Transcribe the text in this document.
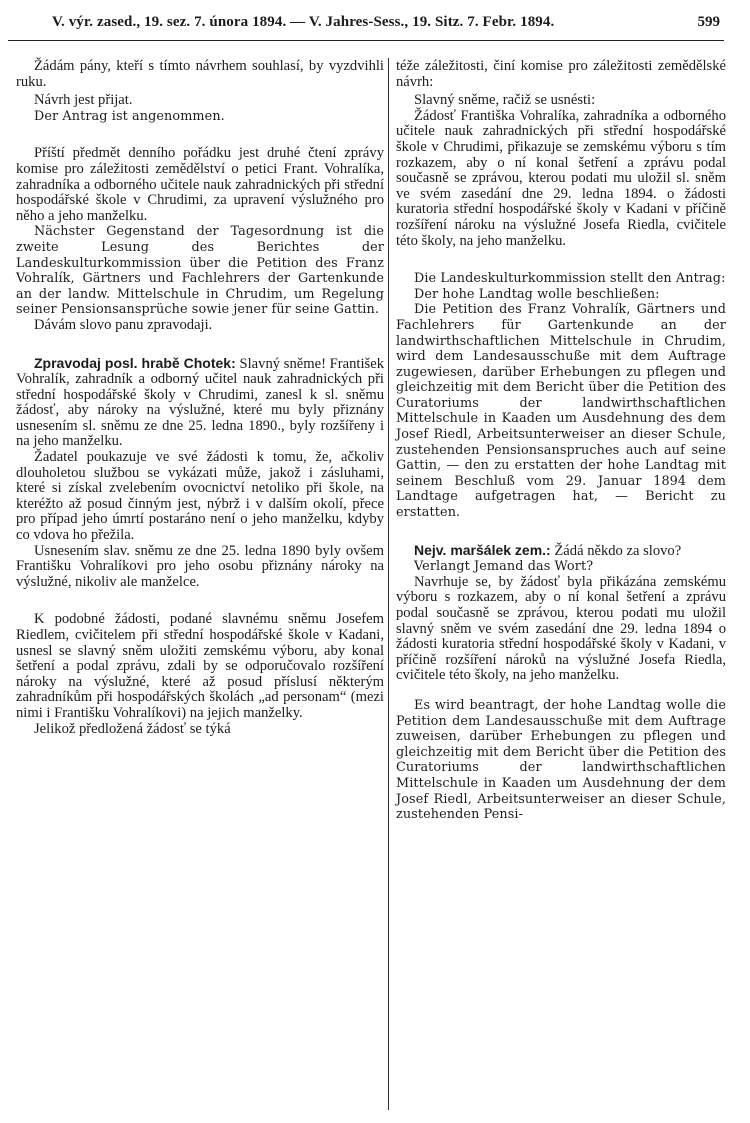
V. výr. zased., 19. sez. 7. února 1894. — V. Jahres-Sess., 19. Sitz. 7. Febr. 1894.	599

Žádám pány, kteří s tímto návrhem souhlasí, by vyzdvihli ruku.

Návrh jest přijat.

Der Antrag ist angenommen.

Příští předmět denního pořádku jest druhé čtení zprávy komise pro záležitosti zemědělství o petici Frant. Vohralíka, zahradníka a odborného učitele nauk zahradnických při střední hospodářské škole v Chrudimi, za upravení výslužného pro něho a jeho manželku.

Nächster Gegenstand der Tagesordnung ist die zweite Lesung des Berichtes der Landeskulturkommission über die Petition des Franz Vohralík, Gärtners und Fachlehrers der Gartenkunde an der landw. Mittelschule in Chrudim, um Regelung seiner Pensionsansprüche sowie jener für seine Gattin.

Dávám slovo panu zpravodaji.

Zpravodaj posl. hrabě Chotek: Slavný sněme! František Vohralík, zahradník a odborný učitel nauk zahradnických při střední hospodářské školy v Chrudimi, zanesl k sl. sněmu žádosť, aby nároky na výslužné, které mu byly přiznány usnesením sl. sněmu ze dne 25. ledna 1890., byly rozšířeny i na jeho manželku.

Žadatel poukazuje ve své žádosti k tomu, že, ačkoliv dlouholetou službou se vykázati může, jakož i zásluhami, které si získal zvelebením ovocnictví netoliko při škole, na kteréžto až posud činným jest, nýbrž i v dalším okolí, přece pro případ jeho úmrtí postaráno není o jeho manželku, kdyby co vdova ho přežila.

Usnesením slav. sněmu ze dne 25. ledna 1890 byly ovšem Františku Vohralíkovi pro jeho osobu přiznány nároky na výslužné, nikoliv ale manželce.

K podobné žádosti, podané slavnému sněmu Josefem Riedlem, cvičitelem při střední hospodářské škole v Kadani, usnesl se slavný sněm uložiti zemskému výboru, aby konal šetření a podal zprávu, zdali by se odporučovalo rozšíření nároky na výslužné, které až posud příslusí některým zahradníkům při hospodářských školách „ad personam“ (mezi nimi i Františku Vohralíkovi) na jejich manželky.

Jelikož předložená žádosť se týká

téže záležitosti, činí komise pro záležitosti zemědělské návrh:

Slavný sněme, račiž se usnésti:

Žádosť Františka Vohralíka, zahradníka a odborného učitele nauk zahradnických při střední hospodářské škole v Chrudimi, přikazuje se zemskému výboru s tím rozkazem, aby o ní konal šetření a zprávu podal současně se zprávou, kterou podati mu uložil sl. sněm ve svém zasedání dne 29. ledna 1894. o žádosti kuratoria střední hospodářské školy v Kadani v příčině rozšíření nároku na výslužné Josefa Riedla, cvičitele této školy, na jeho manželku.

Die Landeskulturkommission stellt den Antrag:

Der hohe Landtag wolle beschließen:

Die Petition des Franz Vohralík, Gärtners und Fachlehrers für Gartenkunde an der landwirthschaftlichen Mittelschule in Chrudim, wird dem Landesausschuße mit dem Auftrage zugewiesen, darüber Erhebungen zu pflegen und gleichzeitig mit dem Bericht über die Petition des Curatoriums der landwirthschaftlichen Mittelschule in Kaaden um Ausdehnung des dem Josef Riedl, Arbeitsunterweiser an dieser Schule, zustehenden Pensionsanspruches auch auf seine Gattin, — den zu erstatten der hohe Landtag mit seinem Beschluß vom 29. Januar 1894 dem Landtage aufgetragen hat, — Bericht zu erstatten.

Nejv. maršálek zem.: Žádá někdo za slovo?

Verlangt Jemand das Wort?

Navrhuje se, by žádosť byla přikázána zemskému výboru s rozkazem, aby o ní konal šetření a zprávu podal současně se zprávou, kterou podati mu uložil slavný sněm ve svém zasedání dne 29. ledna 1894 o žádosti kuratoria střední hospodářské školy v Kadani, v příčině rozšíření nároků na výslužné Josefa Riedla, cvičitele této školy, na jeho manželku.

Es wird beantragt, der hohe Landtag wolle die Petition dem Landesausschuße mit dem Auftrage zuweisen, darüber Erhebungen zu pflegen und gleichzeitig mit dem Bericht über die Petition des Curatoriums der landwirthschaftlichen Mittelschule in Kaaden um Ausdehnung der dem Josef Riedl, Arbeitsunterweiser an dieser Schule, zustehenden Pensi-
